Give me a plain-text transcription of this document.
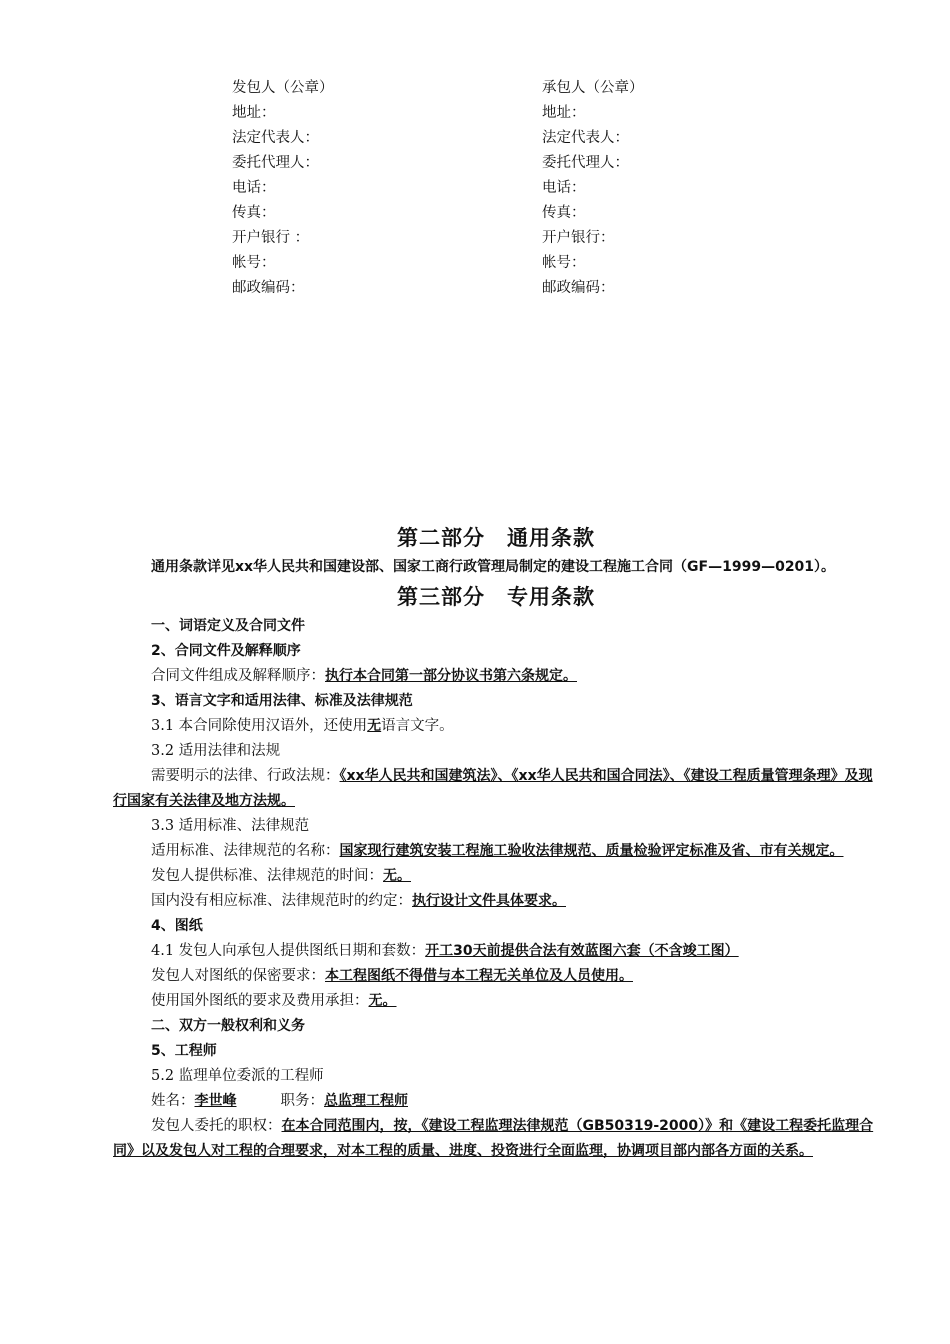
发包人（公章）
地址：
法定代表人：
委托代理人：
电话：
传真：
开户银行 ：
帐号：
邮政编码：
承包人（公章）
地址：
法定代表人：
委托代理人：
电话：
传真：
开户银行：
帐号：
邮政编码：
第二部分　通用条款
通用条款详见xx华人民共和国建设部、国家工商行政管理局制定的建设工程施工合同（GF—1999—0201）。
第三部分　专用条款
一、词语定义及合同文件
2、合同文件及解释顺序
合同文件组成及解释顺序：执行本合同第一部分协议书第六条规定。
3、语言文字和适用法律、标准及法律规范
3.1 本合同除使用汉语外，还使用无语言文字。
3.2 适用法律和法规
需要明示的法律、行政法规：《xx华人民共和国建筑法》、《xx华人民共和国合同法》、《建设工程质量管理条理》及现行国家有关法律及地方法规。
3.3 适用标准、法律规范
适用标准、法律规范的名称：国家现行建筑安装工程施工验收法律规范、质量检验评定标准及省、市有关规定。
发包人提供标准、法律规范的时间：无。
国内没有相应标准、法律规范时的约定：执行设计文件具体要求。
4、图纸
4.1 发包人向承包人提供图纸日期和套数：开工30天前提供合法有效蓝图六套（不含竣工图）
发包人对图纸的保密要求：本工程图纸不得借与本工程无关单位及人员使用。
使用国外图纸的要求及费用承担：无。
二、双方一般权利和义务
5、工程师
5.2 监理单位委派的工程师
姓名：李世峰	职务：总监理工程师
发包人委托的职权：在本合同范围内，按，《建设工程监理法律规范（GB50319-2000）》和《建设工程委托监理合同》以及发包人对工程的合理要求，对本工程的质量、进度、投资进行全面监理，协调项目部内部各方面的关系。
